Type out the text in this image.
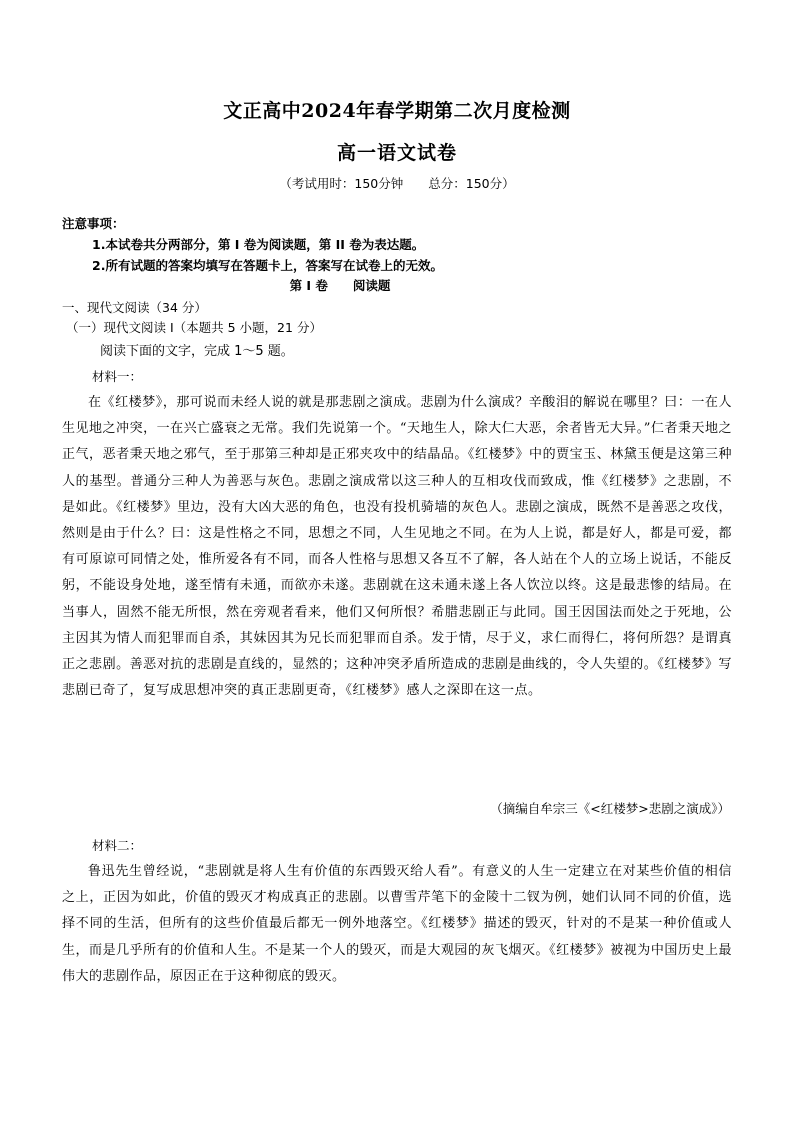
文正高中2024年春学期第二次月度检测
高一语文试卷
（考试用时：150分钟　　总分：150分）
注意事项：
1.本试卷共分两部分，第 I 卷为阅读题，第 II 卷为表达题。
2.所有试题的答案均填写在答题卡上，答案写在试卷上的无效。
第 I 卷　　阅读题
一、现代文阅读（34 分）
（一）现代文阅读 I（本题共 5 小题，21 分）
阅读下面的文字，完成 1～5 题。
材料一：
在《红楼梦》，那可说而未经人说的就是那悲剧之演成。悲剧为什么演成？辛酸泪的解说在哪里？曰：一在人生见地之冲突，一在兴亡盛衰之无常。我们先说第一个。“天地生人，除大仁大恶，余者皆无大异。”仁者秉天地之正气，恶者秉天地之邪气，至于那第三种却是正邪夹攻中的结晶品。《红楼梦》中的贾宝玉、林黛玉便是这第三种人的基型。普通分三种人为善恶与灰色。悲剧之演成常以这三种人的互相攻伐而致成，惟《红楼梦》之悲剧，不是如此。《红楼梦》里边，没有大凶大恶的角色，也没有投机骑墙的灰色人。悲剧之演成，既然不是善恶之攻伐，然则是由于什么？曰：这是性格之不同，思想之不同，人生见地之不同。在为人上说，都是好人，都是可爱，都有可原谅可同情之处，惟所爱各有不同，而各人性格与思想又各互不了解，各人站在个人的立场上说话，不能反躬，不能设身处地，遂至情有未通，而欲亦未遂。悲剧就在这未通未遂上各人饮泣以终。这是最悲惨的结局。在当事人，固然不能无所恨，然在旁观者看来，他们又何所恨？希腊悲剧正与此同。国王因国法而处之于死地，公主因其为情人而犯罪而自杀，其妹因其为兄长而犯罪而自杀。发于情，尽于义，求仁而得仁，将何所怨？是谓真正之悲剧。善恶对抗的悲剧是直线的，显然的；这种冲突矛盾所造成的悲剧是曲线的，令人失望的。《红楼梦》写悲剧已奇了，复写成思想冲突的真正悲剧更奇，《红楼梦》感人之深即在这一点。
（摘编自牟宗三《<红楼梦>悲剧之演成》）
材料二：
鲁迅先生曾经说，“悲剧就是将人生有价值的东西毁灭给人看”。有意义的人生一定建立在对某些价值的相信之上，正因为如此，价值的毁灭才构成真正的悲剧。以曹雪芹笔下的金陵十二钗为例，她们认同不同的价值，选择不同的生活，但所有的这些价值最后都无一例外地落空。《红楼梦》描述的毁灭，针对的不是某一种价值或人生，而是几乎所有的价值和人生。不是某一个人的毁灭，而是大观园的灰飞烟灭。《红楼梦》被视为中国历史上最伟大的悲剧作品，原因正在于这种彻底的毁灭。
